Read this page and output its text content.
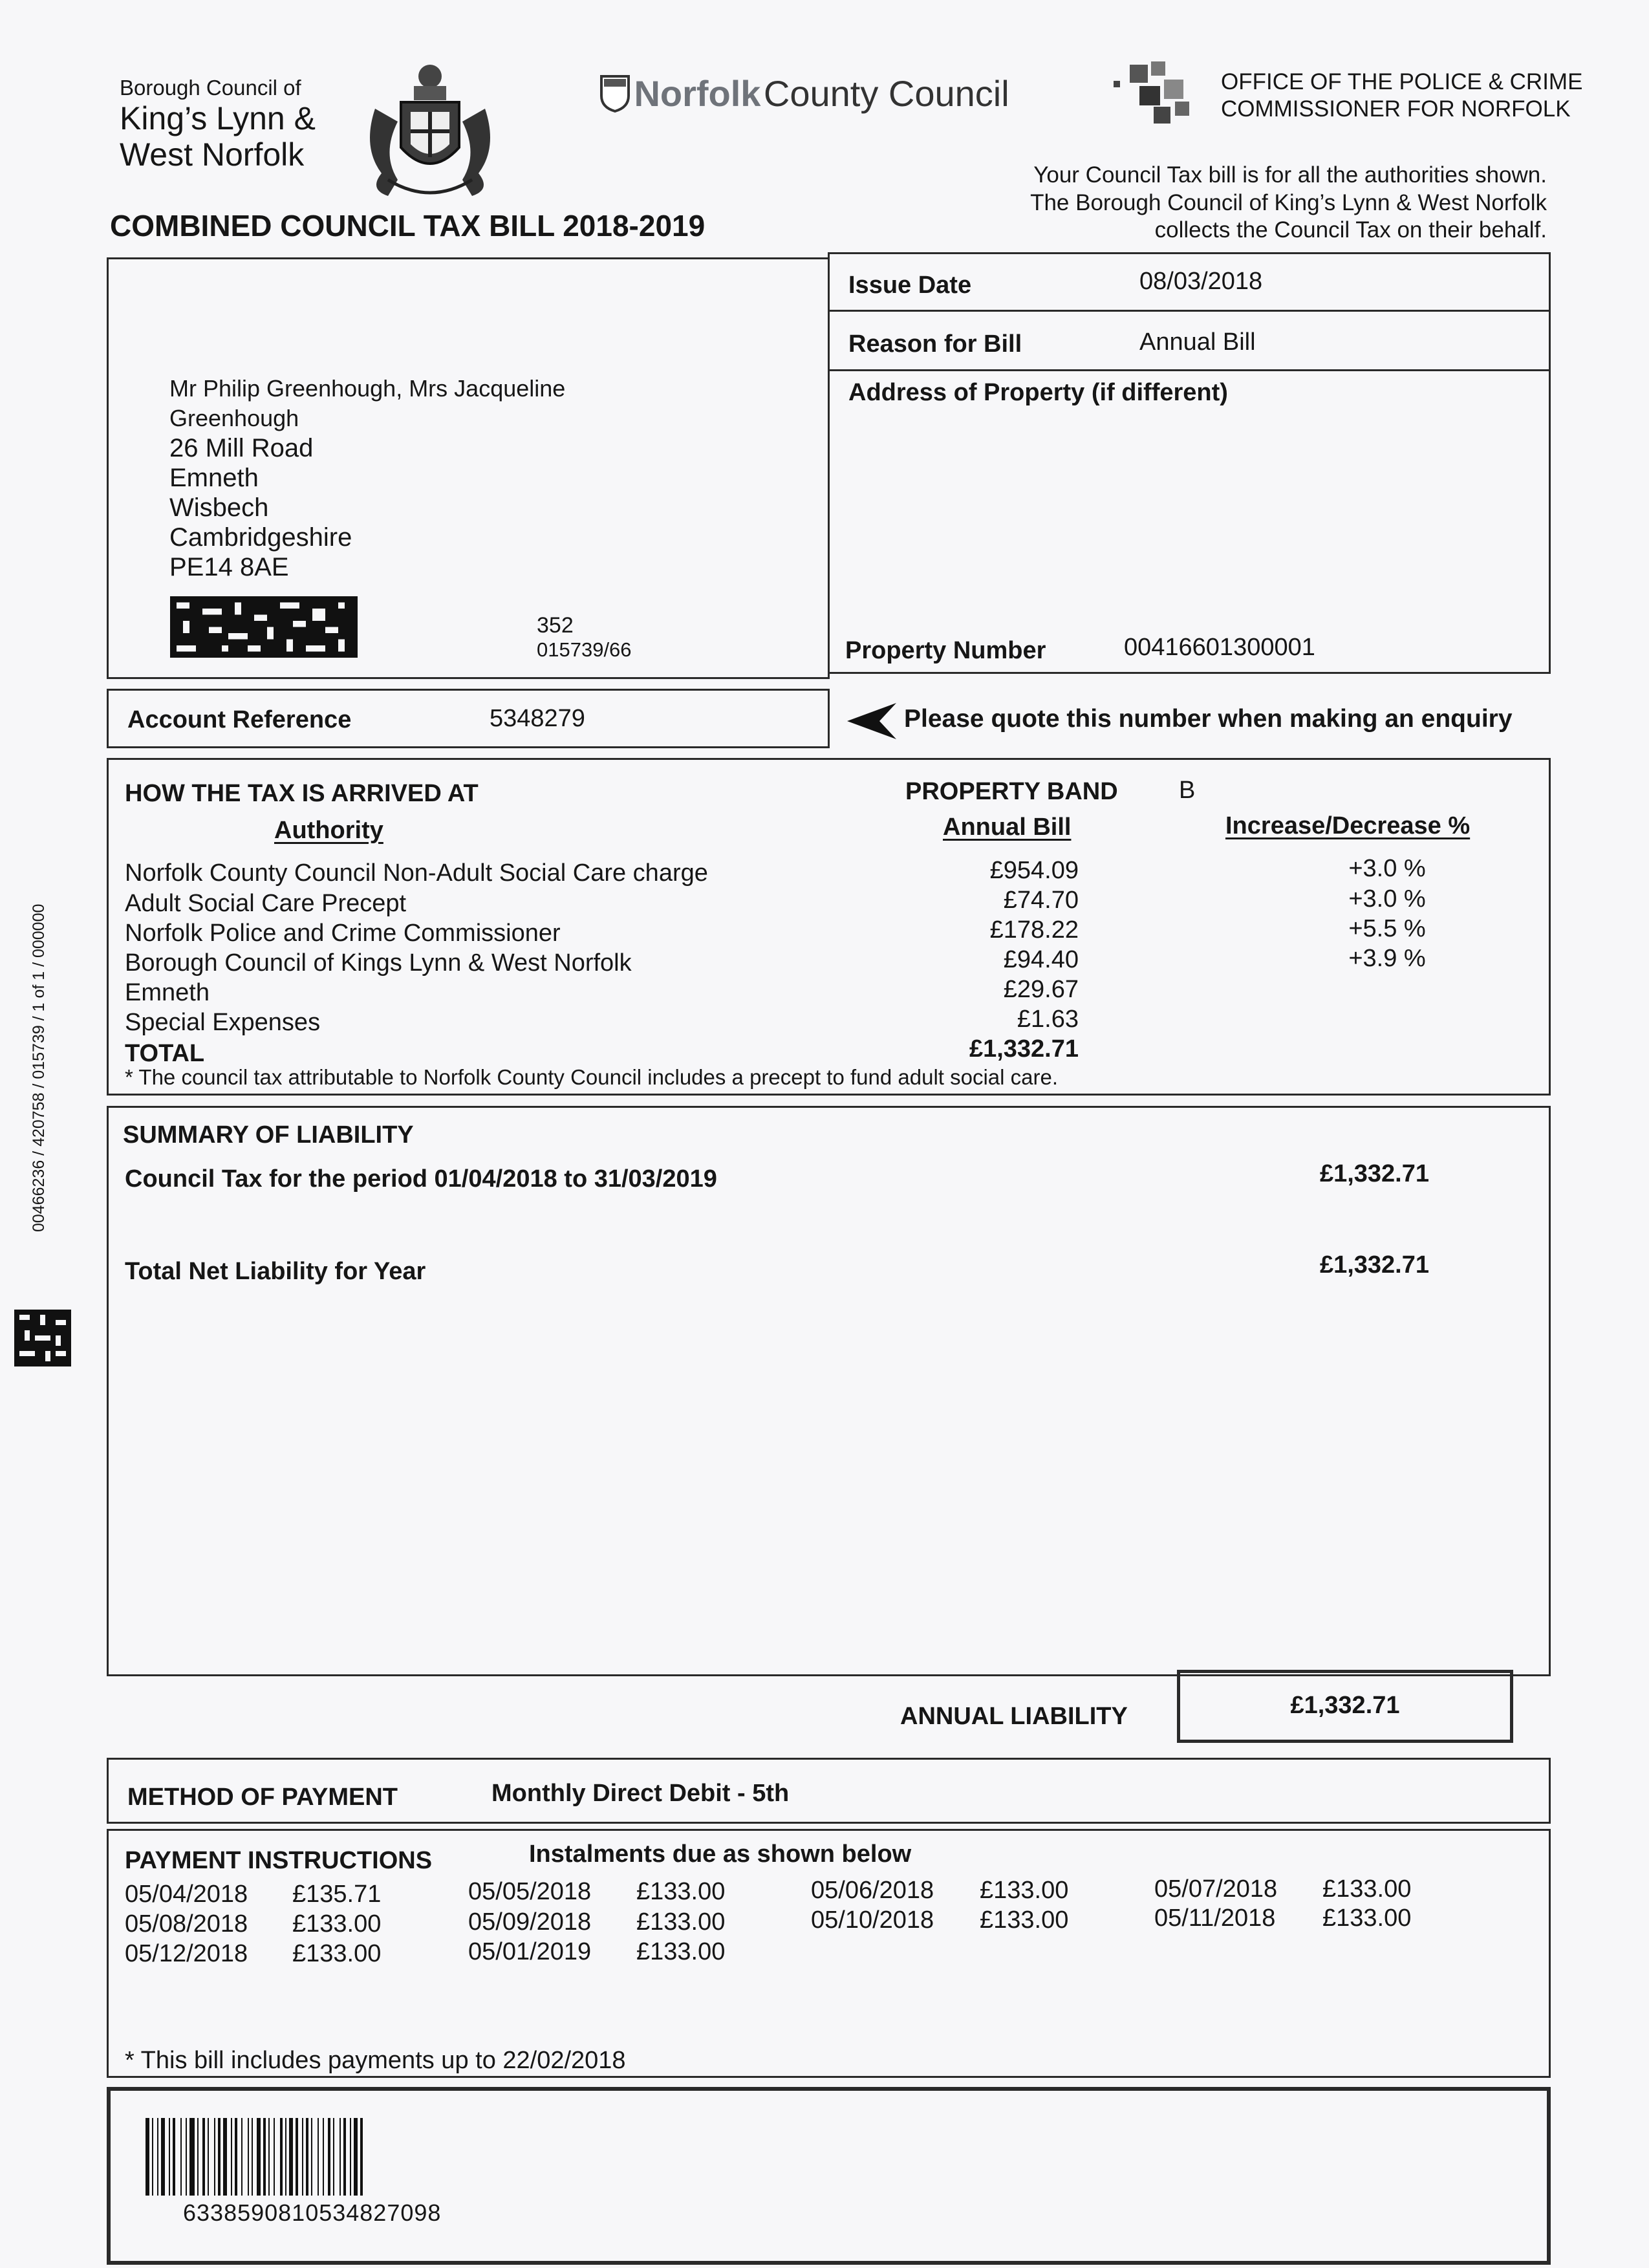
Borough Council of
King’s Lynn &
West Norfolk
Norfolk County Council	OFFICE OF THE POLICE & CRIME
COMMISSIONER FOR NORFOLK
COMBINED COUNCIL TAX BILL 2018-2019
Your Council Tax bill is for all the authorities shown.
The Borough Council of King’s Lynn & West Norfolk
collects the Council Tax on their behalf.
Mr Philip Greenhough, Mrs Jacqueline
Greenhough
26 Mill Road
Emneth
Wisbech
Cambridgeshire
PE14 8AE
352
015739/66
Issue Date	08/03/2018
Reason for Bill	Annual Bill
Address of Property (if different)
Property Number	00416601300001
Account Reference	5348279	Please quote this number when making an enquiry
HOW THE TAX IS ARRIVED AT	PROPERTY BAND B
Authority	Annual Bill	Increase/Decrease %
Norfolk County Council Non-Adult Social Care charge	£954.09	+3.0 %
Adult Social Care Precept	£74.70	+3.0 %
Norfolk Police and Crime Commissioner	£178.22	+5.5 %
Borough Council of Kings Lynn & West Norfolk	£94.40	+3.9 %
Emneth	£29.67
Special Expenses	£1.63
TOTAL	£1,332.71
* The council tax attributable to Norfolk County Council includes a precept to fund adult social care.
SUMMARY OF LIABILITY
Council Tax for the period 01/04/2018 to 31/03/2019	£1,332.71
Total Net Liability for Year	£1,332.71
ANNUAL LIABILITY	£1,332.71
METHOD OF PAYMENT	Monthly Direct Debit - 5th
PAYMENT INSTRUCTIONS	Instalments due as shown below
05/04/2018 £135.71	05/05/2018 £133.00	05/06/2018 £133.00	05/07/2018 £133.00
05/08/2018 £133.00	05/09/2018 £133.00	05/10/2018 £133.00	05/11/2018 £133.00
05/12/2018 £133.00	05/01/2019 £133.00
* This bill includes payments up to 22/02/2018
6338590810534827098
00466236 / 420758 / 015739 / 1 of 1 / 000000
